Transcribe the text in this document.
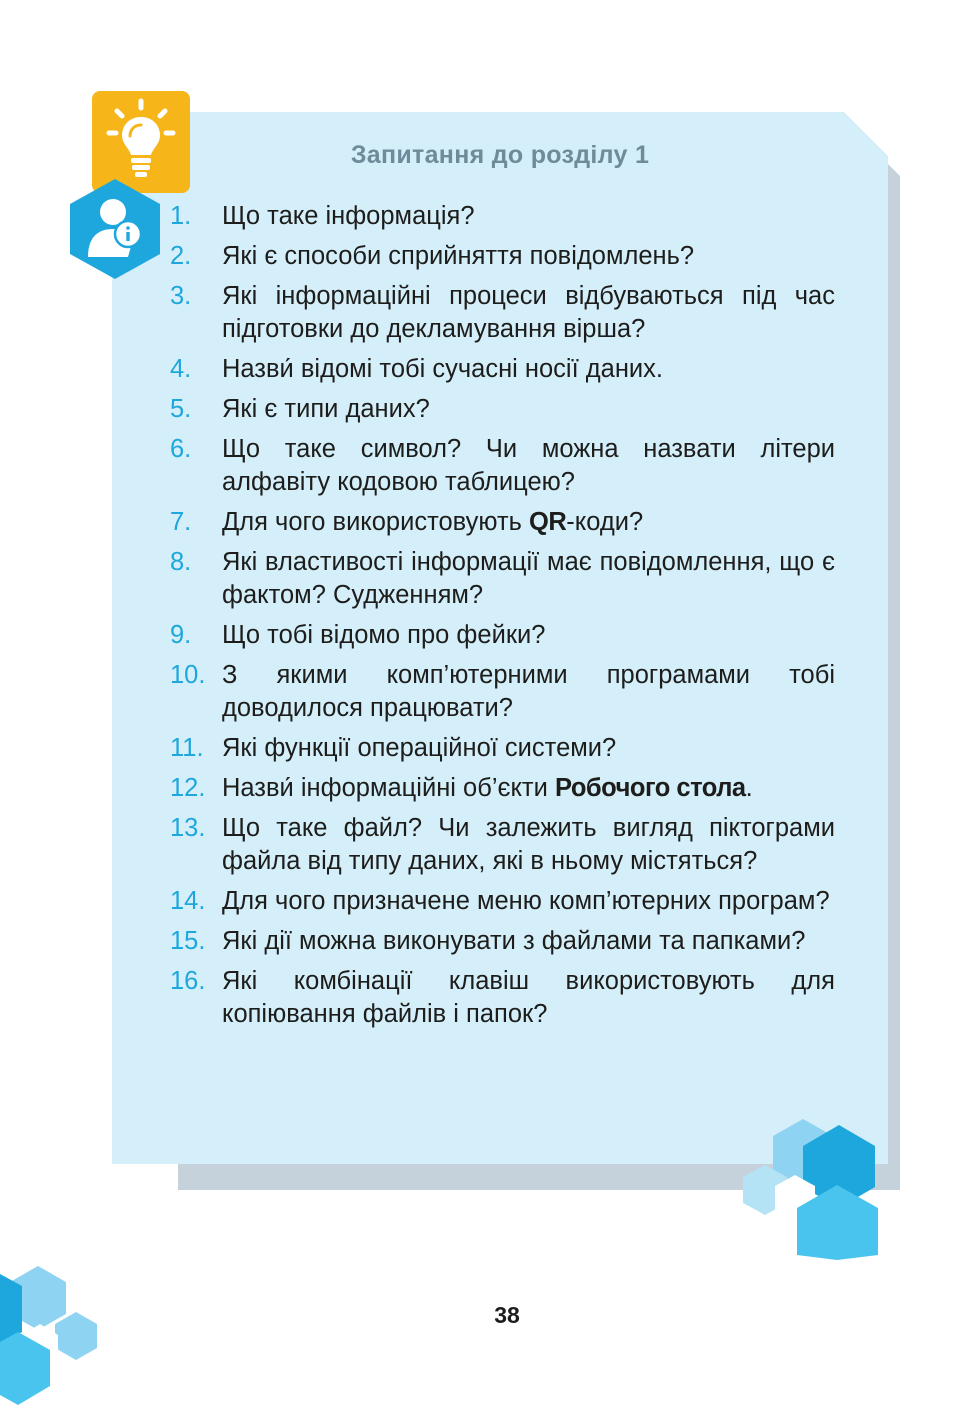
Запитання до розділу 1
1.	Що таке інформація?
2.	Які є способи сприйняття повідомлень?
3.	Які інформаційні процеси відбуваються під час підготовки до декламування вірша?
4.	Назви́ відомі тобі сучасні носії даних.
5.	Які є типи даних?
6.	Що таке символ? Чи можна назвати літери алфавіту кодовою таблицею?
7.	Для чого використовують QR-коди?
8.	Які властивості інформації має повідомлення, що є фактом? Судженням?
9.	Що тобі відомо про фейки?
10. З якими комп’ютерними програмами тобі доводилося працювати?
11. Які функції операційної системи?
12. Назви́ інформаційні об’єкти Робочого стола.
13. Що таке файл? Чи залежить вигляд піктограми файла від типу даних, які в ньому містяться?
14. Для чого призначене меню комп’ютерних програм?
15. Які дії можна виконувати з файлами та папками?
16. Які комбінації клавіш використовують для копіювання файлів і папок?
38
